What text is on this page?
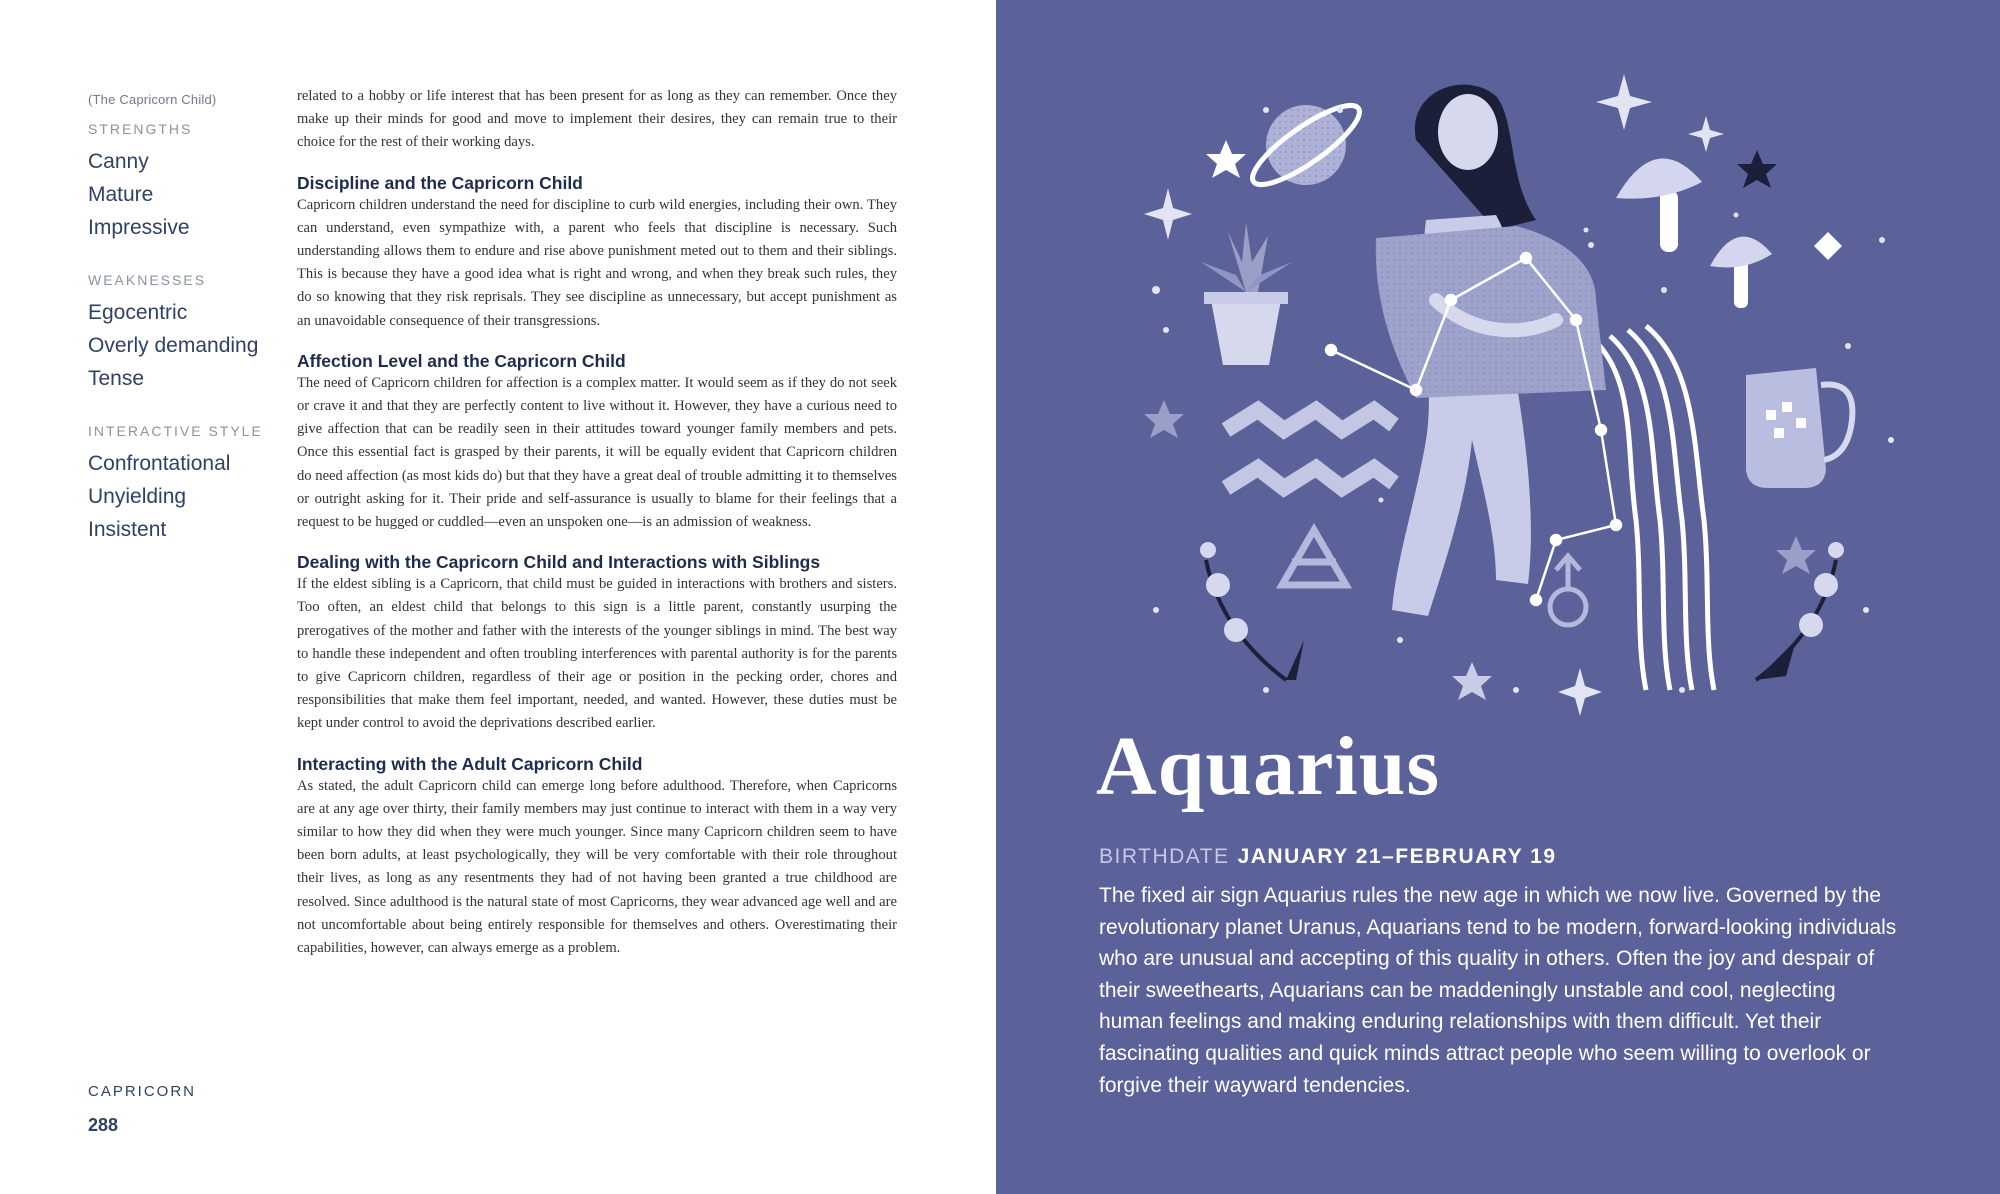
(The Capricorn Child)
STRENGTHS
Canny
Mature
Impressive
WEAKNESSES
Egocentric
Overly demanding
Tense
INTERACTIVE STYLE
Confrontational
Unyielding
Insistent

related to a hobby or life interest that has been present for as long as they can remember. Once they make up their minds for good and move to implement their desires, they can remain true to their choice for the rest of their working days.

Discipline and the Capricorn Child

Capricorn children understand the need for discipline to curb wild energies, including their own. They can understand, even sympathize with, a parent who feels that discipline is necessary. Such understanding allows them to endure and rise above punishment meted out to them and their siblings. This is because they have a good idea what is right and wrong, and when they break such rules, they do so knowing that they risk reprisals. They see discipline as unnecessary, but accept punishment as an unavoidable consequence of their transgressions.

Affection Level and the Capricorn Child

The need of Capricorn children for affection is a complex matter. It would seem as if they do not seek or crave it and that they are perfectly content to live without it. However, they have a curious need to give affection that can be readily seen in their attitudes toward younger family members and pets. Once this essential fact is grasped by their parents, it will be equally evident that Capricorn children do need affection (as most kids do) but that they have a great deal of trouble admitting it to themselves or outright asking for it. Their pride and self-assurance is usually to blame for their feelings that a request to be hugged or cuddled—even an unspoken one—is an admission of weakness.

Dealing with the Capricorn Child and Interactions with Siblings

If the eldest sibling is a Capricorn, that child must be guided in interactions with brothers and sisters. Too often, an eldest child that belongs to this sign is a little parent, constantly usurping the prerogatives of the mother and father with the interests of the younger siblings in mind. The best way to handle these independent and often troubling interferences with parental authority is for the parents to give Capricorn children, regardless of their age or position in the pecking order, chores and responsibilities that make them feel important, needed, and wanted. However, these duties must be kept under control to avoid the deprivations described earlier.

Interacting with the Adult Capricorn Child

As stated, the adult Capricorn child can emerge long before adulthood. Therefore, when Capricorns are at any age over thirty, their family members may just continue to interact with them in a way very similar to how they did when they were much younger. Since many Capricorn children seem to have been born adults, at least psychologically, they will be very comfortable with their role throughout their lives, as long as any resentments they had of not having been granted a true childhood are resolved. Since adulthood is the natural state of most Capricorns, they wear advanced age well and are not uncomfortable about being entirely responsible for themselves and others. Overestimating their capabilities, however, can always emerge as a problem.

CAPRICORN
288
Aquarius
BIRTHDATE JANUARY 21–FEBRUARY 19

The fixed air sign Aquarius rules the new age in which we now live. Governed by the revolutionary planet Uranus, Aquarians tend to be modern, forward-looking individuals who are unusual and accepting of this quality in others. Often the joy and despair of their sweethearts, Aquarians can be maddeningly unstable and cool, neglecting human feelings and making enduring relationships with them difficult. Yet their fascinating qualities and quick minds attract people who seem willing to overlook or forgive their wayward tendencies.
